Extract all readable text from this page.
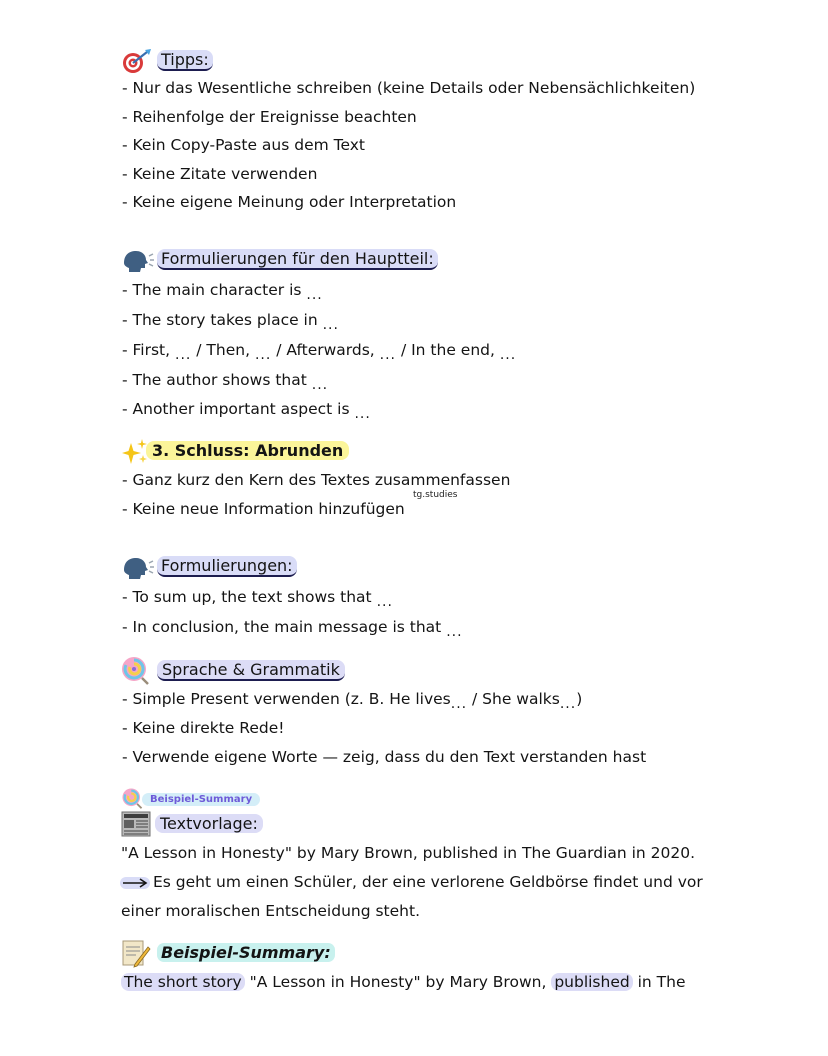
Tipps:
- Nur das Wesentliche schreiben (keine Details oder Nebensächlichkeiten)
- Reihenfolge der Ereignisse beachten
- Kein Copy-Paste aus dem Text
- Keine Zitate verwenden
- Keine eigene Meinung oder Interpretation
Formulierungen für den Hauptteil:
- The main character is ...
- The story takes place in ...
- First, ... / Then, ... / Afterwards, ... / In the end, ...
- The author shows that ...
- Another important aspect is ...
3. Schluss: Abrunden
- Ganz kurz den Kern des Textes zusammenfassen
- Keine neue Information hinzufügen
tg.studies
Formulierungen:
- To sum up, the text shows that ...
- In conclusion, the main message is that ...
Sprache & Grammatik
- Simple Present verwenden (z. B. He lives... / She walks...)
- Keine direkte Rede!
- Verwende eigene Worte — zeig, dass du den Text verstanden hast
Beispiel-Summary
Textvorlage:
"A Lesson in Honesty" by Mary Brown, published in The Guardian in 2020.
Es geht um einen Schüler, der eine verlorene Geldbörse findet und vor
einer moralischen Entscheidung steht.
Beispiel-Summary:
The short story "A Lesson in Honesty" by Mary Brown, published in The
